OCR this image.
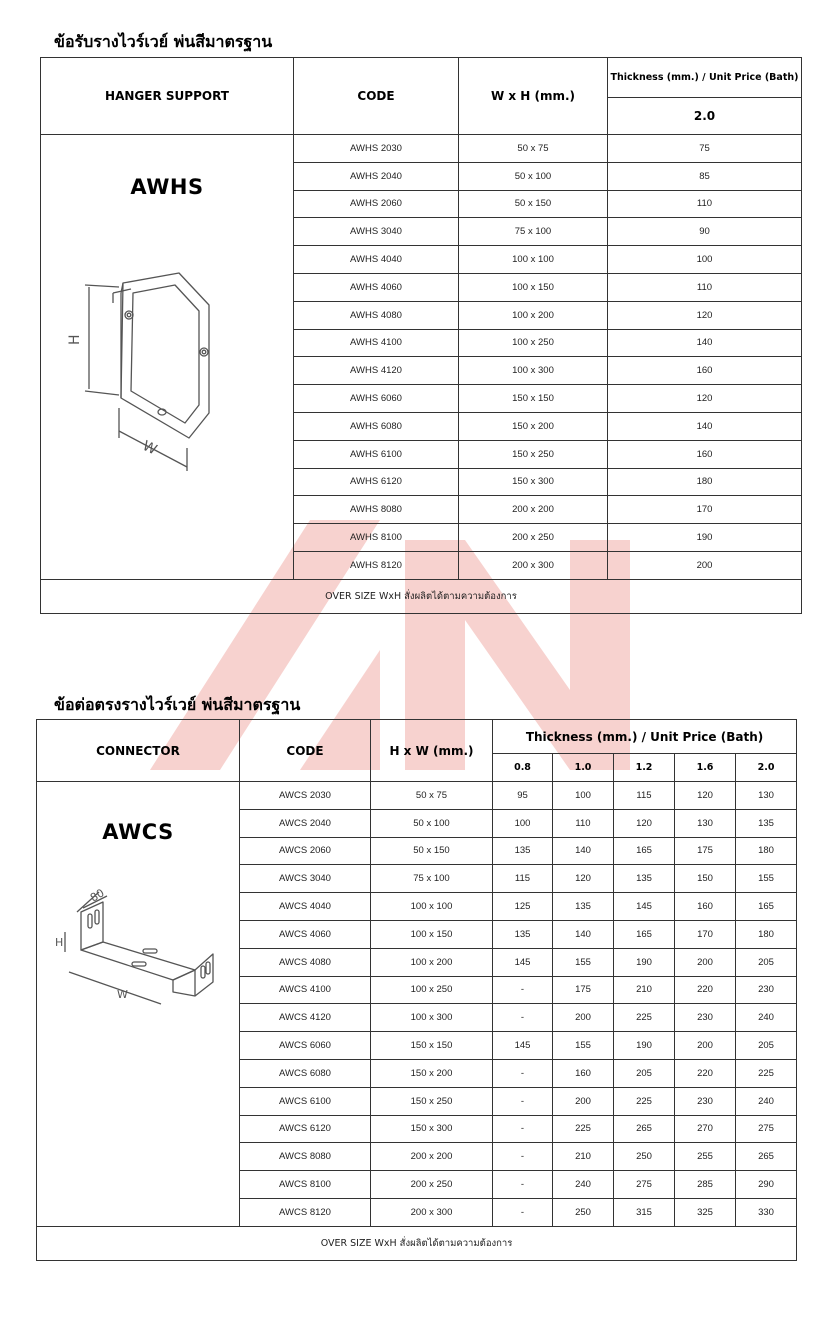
ข้อรับรางไวร์เวย์ พ่นสีมาตรฐาน
HANGER SUPPORT	CODE	W x H (mm.)	Thickness (mm.) / Unit Price (Bath)
			2.0

AWHS
H
W	AWHS 2030	50 x 75	75
	AWHS 2040	50 x 100	85
	AWHS 2060	50 x 150	110
	AWHS 3040	75 x 100	90
	AWHS 4040	100 x 100	100
	AWHS 4060	100 x 150	110
	AWHS 4080	100 x 200	120
	AWHS 4100	100 x 250	140
	AWHS 4120	100 x 300	160
	AWHS 6060	150 x 150	120
	AWHS 6080	150 x 200	140
	AWHS 6100	150 x 250	160
	AWHS 6120	150 x 300	180
	AWHS 8080	200 x 200	170
	AWHS 8100	200 x 250	190
	AWHS 8120	200 x 300	200
OVER SIZE WxH สั่งผลิตได้ตามความต้องการ			
ข้อต่อตรงรางไวร์เวย์ พ่นสีมาตรฐาน
CONNECTOR	CODE	H x W (mm.)	Thickness (mm.) / Unit Price (Bath)				
			0.8	1.0	1.2	1.6	2.0

AWCS
80
H
W	AWCS 2030	50 x 75	95	100	115	120	130
	AWCS 2040	50 x 100	100	110	120	130	135
	AWCS 2060	50 x 150	135	140	165	175	180
	AWCS 3040	75 x 100	115	120	135	150	155
	AWCS 4040	100 x 100	125	135	145	160	165
	AWCS 4060	100 x 150	135	140	165	170	180
	AWCS 4080	100 x 200	145	155	190	200	205
	AWCS 4100	100 x 250	-	175	210	220	230
	AWCS 4120	100 x 300	-	200	225	230	240
	AWCS 6060	150 x 150	145	155	190	200	205
	AWCS 6080	150 x 200	-	160	205	220	225
	AWCS 6100	150 x 250	-	200	225	230	240
	AWCS 6120	150 x 300	-	225	265	270	275
	AWCS 8080	200 x 200	-	210	250	255	265
	AWCS 8100	200 x 250	-	240	275	285	290
	AWCS 8120	200 x 300	-	250	315	325	330
OVER SIZE WxH สั่งผลิตได้ตามความต้องการ							
